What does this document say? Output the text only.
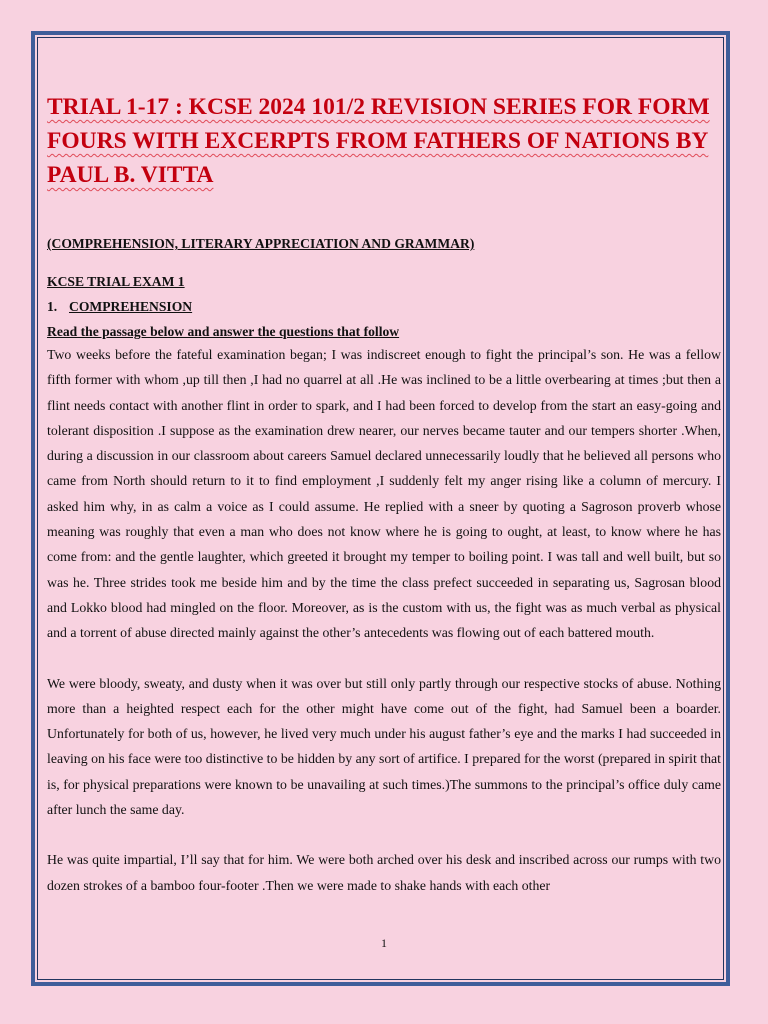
TRIAL 1-17 : KCSE 2024 101/2 REVISION SERIES FOR FORM FOURS WITH EXCERPTS FROM FATHERS OF NATIONS BY PAUL B. VITTA

(COMPREHENSION, LITERARY APPRECIATION AND GRAMMAR)

KCSE TRIAL EXAM 1

1. COMPREHENSION

Read the passage below and answer the questions that follow

Two weeks before the fateful examination began; I was indiscreet enough to fight the principal’s son. He was a fellow fifth former with whom ,up till then ,I had no quarrel at all .He was inclined to be a little overbearing at times ;but then a flint needs contact with another flint in order to spark, and I had been forced to develop from the start an easy-going and tolerant disposition .I suppose as the examination drew nearer, our nerves became tauter and our tempers shorter .When, during a discussion in our classroom about careers Samuel declared unnecessarily loudly that he believed all persons who came from North should return to it to find employment ,I suddenly felt my anger rising like a column of mercury. I asked him why, in as calm a voice as I could assume. He replied with a sneer by quoting a Sagroson proverb whose meaning was roughly that even a man who does not know where he is going to ought, at least, to know where he has come from: and the gentle laughter, which greeted it brought my temper to boiling point. I was tall and well built, but so was he. Three strides took me beside him and by the time the class prefect succeeded in separating us, Sagrosan blood and Lokko blood had mingled on the floor. Moreover, as is the custom with us, the fight was as much verbal as physical and a torrent of abuse directed mainly against the other’s antecedents was flowing out of each battered mouth.

We were bloody, sweaty, and dusty when it was over but still only partly through our respective stocks of abuse. Nothing more than a heighted respect each for the other might have come out of the fight, had Samuel been a boarder. Unfortunately for both of us, however, he lived very much under his august father’s eye and the marks I had succeeded in leaving on his face were too distinctive to be hidden by any sort of artifice. I prepared for the worst (prepared in spirit that is, for physical preparations were known to be unavailing at such times.)The summons to the principal’s office duly came after lunch the same day.

He was quite impartial, I’ll say that for him. We were both arched over his desk and inscribed across our rumps with two dozen strokes of a bamboo four-footer .Then we were made to shake hands with each other

1
